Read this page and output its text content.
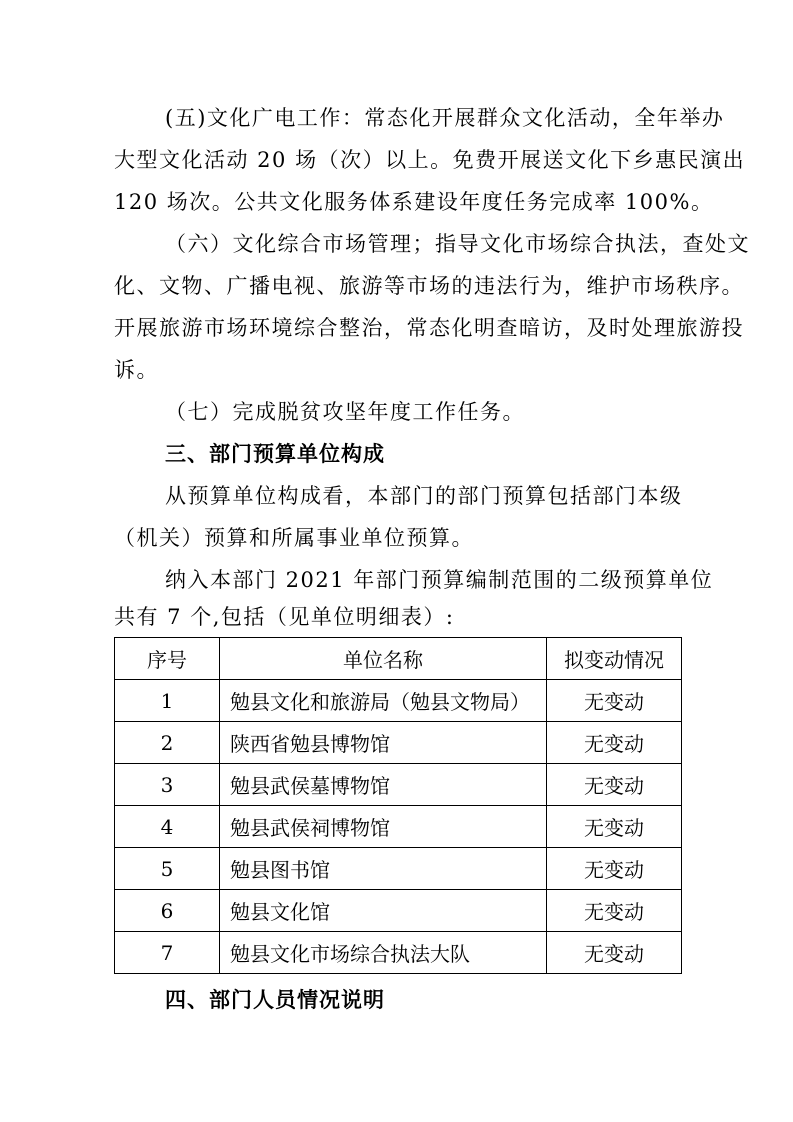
(五)文化广电工作：常态化开展群众文化活动，全年举办
大型文化活动 20 场（次）以上。免费开展送文化下乡惠民演出
120 场次。公共文化服务体系建设年度任务完成率 100%。
（六）文化综合市场管理；指导文化市场综合执法，查处文
化、文物、广播电视、旅游等市场的违法行为，维护市场秩序。
开展旅游市场环境综合整治，常态化明查暗访，及时处理旅游投
诉。
（七）完成脱贫攻坚年度工作任务。
三、部门预算单位构成
从预算单位构成看，本部门的部门预算包括部门本级
（机关）预算和所属事业单位预算。
纳入本部门 2021 年部门预算编制范围的二级预算单位
共有 7 个,包括（见单位明细表）:
序号	单位名称	拟变动情况
1	勉县文化和旅游局（勉县文物局）	无变动
2	陕西省勉县博物馆	无变动
3	勉县武侯墓博物馆	无变动
4	勉县武侯祠博物馆	无变动
5	勉县图书馆	无变动
6	勉县文化馆	无变动
7	勉县文化市场综合执法大队	无变动
四、部门人员情况说明
